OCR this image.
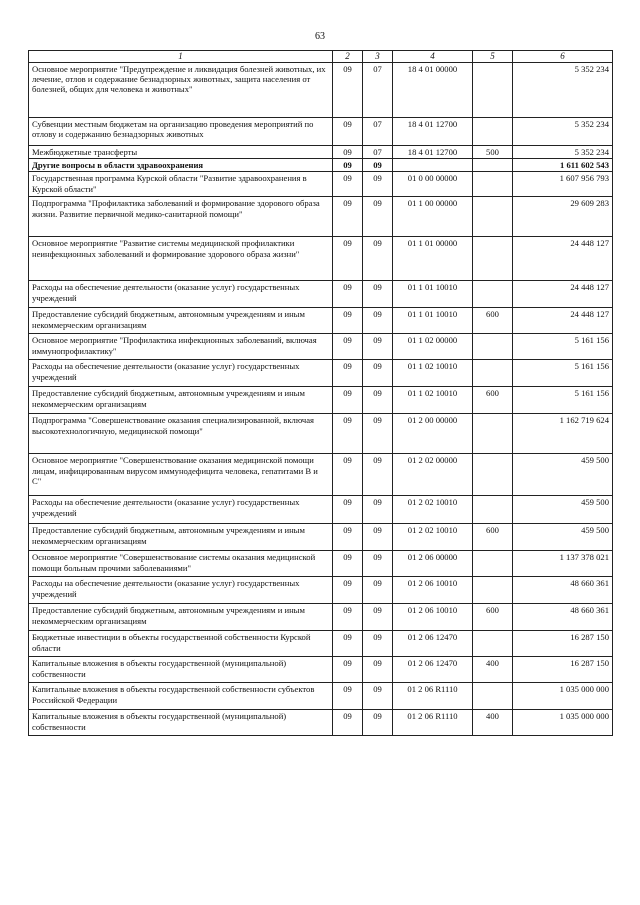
63
1	2	3	4	5	6
Основное мероприятие "Предупреждение и ликвидация болезней животных, их лечение, отлов и содержание безнадзорных животных, защита населения от болезней, общих для человека и животных"	09	07	18 4 01 00000		5 352 234
Субвенции местным бюджетам на организацию проведения мероприятий по отлову и содержанию безнадзорных животных	09	07	18 4 01 12700		5 352 234
Межбюджетные трансферты	09	07	18 4 01 12700	500	5 352 234
Другие вопросы в области здравоохранения	09	09			1 611 602 543
Государственная программа Курской области "Развитие здравоохранения в Курской области"	09	09	01 0 00 00000		1 607 956 793
Подпрограмма "Профилактика заболеваний и формирование здорового образа жизни. Развитие первичной медико-санитарной помощи"	09	09	01 1 00 00000		29 609 283
Основное мероприятие "Развитие системы медицинской профилактики неинфекционных заболеваний и формирование здорового образа жизни"	09	09	01 1 01 00000		24 448 127
Расходы на обеспечение деятельности (оказание услуг) государственных учреждений	09	09	01 1 01 10010		24 448 127
Предоставление субсидий бюджетным, автономным учреждениям и иным некоммерческим организациям	09	09	01 1 01 10010	600	24 448 127
Основное мероприятие "Профилактика инфекционных заболеваний, включая иммунопрофилактику"	09	09	01 1 02 00000		5 161 156
Расходы на обеспечение деятельности (оказание услуг) государственных учреждений	09	09	01 1 02 10010		5 161 156
Предоставление субсидий бюджетным, автономным учреждениям и иным некоммерческим организациям	09	09	01 1 02 10010	600	5 161 156
Подпрограмма "Совершенствование оказания специализированной, включая высокотехнологичную, медицинской помощи"	09	09	01 2 00 00000		1 162 719 624
Основное мероприятие "Совершенствование оказания медицинской помощи лицам, инфицированным вирусом иммунодефицита человека, гепатитами В и С"	09	09	01 2 02 00000		459 500
Расходы на обеспечение деятельности (оказание услуг) государственных учреждений	09	09	01 2 02 10010		459 500
Предоставление субсидий бюджетным, автономным учреждениям и иным некоммерческим организациям	09	09	01 2 02 10010	600	459 500
Основное мероприятие "Совершенствование системы оказания медицинской помощи больным прочими заболеваниями"	09	09	01 2 06 00000		1 137 378 021
Расходы на обеспечение деятельности (оказание услуг) государственных учреждений	09	09	01 2 06 10010		48 660 361
Предоставление субсидий бюджетным, автономным учреждениям и иным некоммерческим организациям	09	09	01 2 06 10010	600	48 660 361
Бюджетные инвестиции в объекты государственной собственности Курской области	09	09	01 2 06 12470		16 287 150
Капитальные вложения в объекты государственной (муниципальной) собственности	09	09	01 2 06 12470	400	16 287 150
Капитальные вложения в объекты государственной собственности субъектов Российской Федерации	09	09	01 2 06 R1110		1 035 000 000
Капитальные вложения в объекты государственной (муниципальной) собственности	09	09	01 2 06 R1110	400	1 035 000 000
